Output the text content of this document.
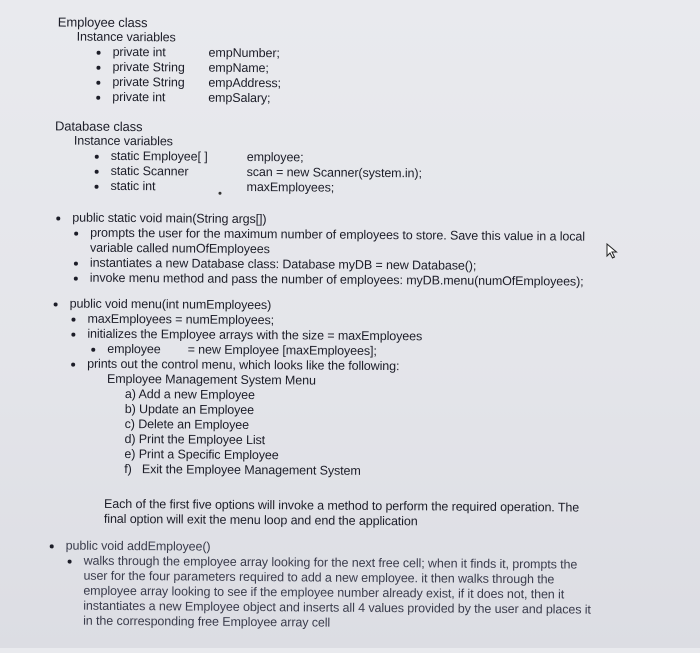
Employee class
Instance variables
private int	empNumber;
private String empName;
private String empAddress;
private int	empSalary;
Database class
Instance variables
static Employee[ ]	employee;
static Scanner	scan = new Scanner(system.in);
static int	maxEmployees;
public static void main(String args[])
prompts the user for the maximum number of employees to store. Save this value in a local
variable called numOfEmployees
instantiates a new Database class: Database myDB = new Database();
invoke menu method and pass the number of employees: myDB.menu(numOfEmployees);
public void menu(int numEmployees)
maxEmployees = numEmployees;
initializes the Employee arrays with the size = maxEmployees
employee        = new Employee [maxEmployees];
prints out the control menu, which looks like the following:
Employee Management System Menu
a) Add a new Employee
b) Update an Employee
c) Delete an Employee
d) Print the Employee List
e) Print a Specific Employee
f)   Exit the Employee Management System
Each of the first five options will invoke a method to perform the required operation. The
final option will exit the menu loop and end the application
public void addEmployee()
walks through the employee array looking for the next free cell; when it finds it, prompts the
user for the four parameters required to add a new employee. it then walks through the
employee array looking to see if the employee number already exist, if it does not, then it
instantiates a new Employee object and inserts all 4 values provided by the user and places it
in the corresponding free Employee array cell
